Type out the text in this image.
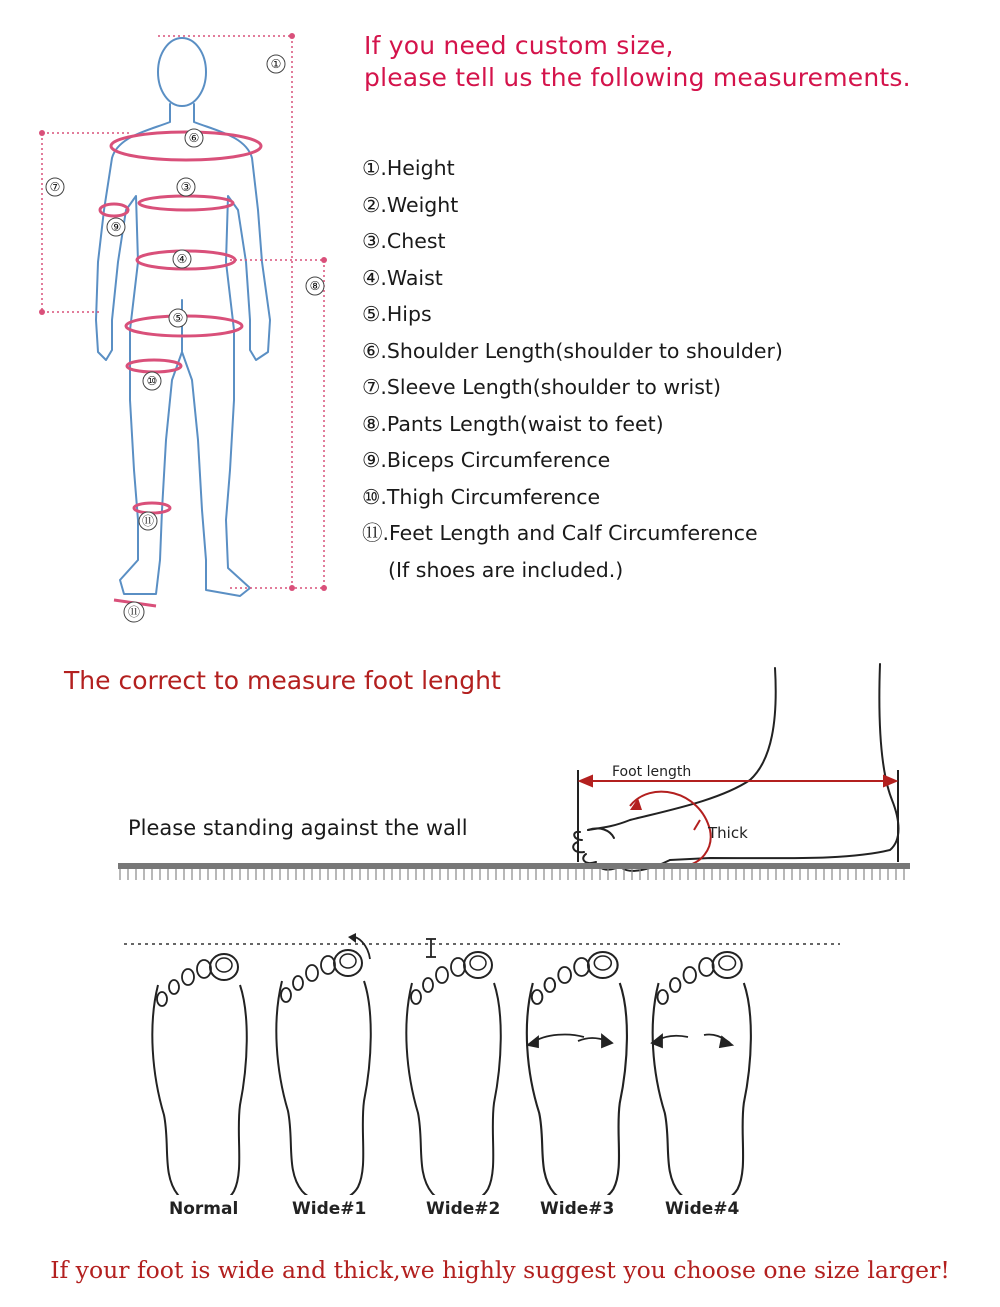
①
⑥
⑦	③
⑨
④
⑧
⑤
⑩
⑪
⑪
If you need custom size,
please tell us the following measurements.
①.Height
②.Weight
③.Chest
④.Waist
⑤.Hips
⑥.Shoulder Length(shoulder to shoulder)
⑦.Sleeve Length(shoulder to wrist)
⑧.Pants Length(waist to feet)
⑨.Biceps Circumference
⑩.Thigh Circumference
⑪.Feet Length and Calf Circumference
(If shoes are included.)
The correct to measure foot lenght
Please standing against the wall
Foot length
Thick
Normal	Wide#1	Wide#2 Wide#3	Wide#4
If your foot is wide and thick,we highly suggest you choose one size larger!
